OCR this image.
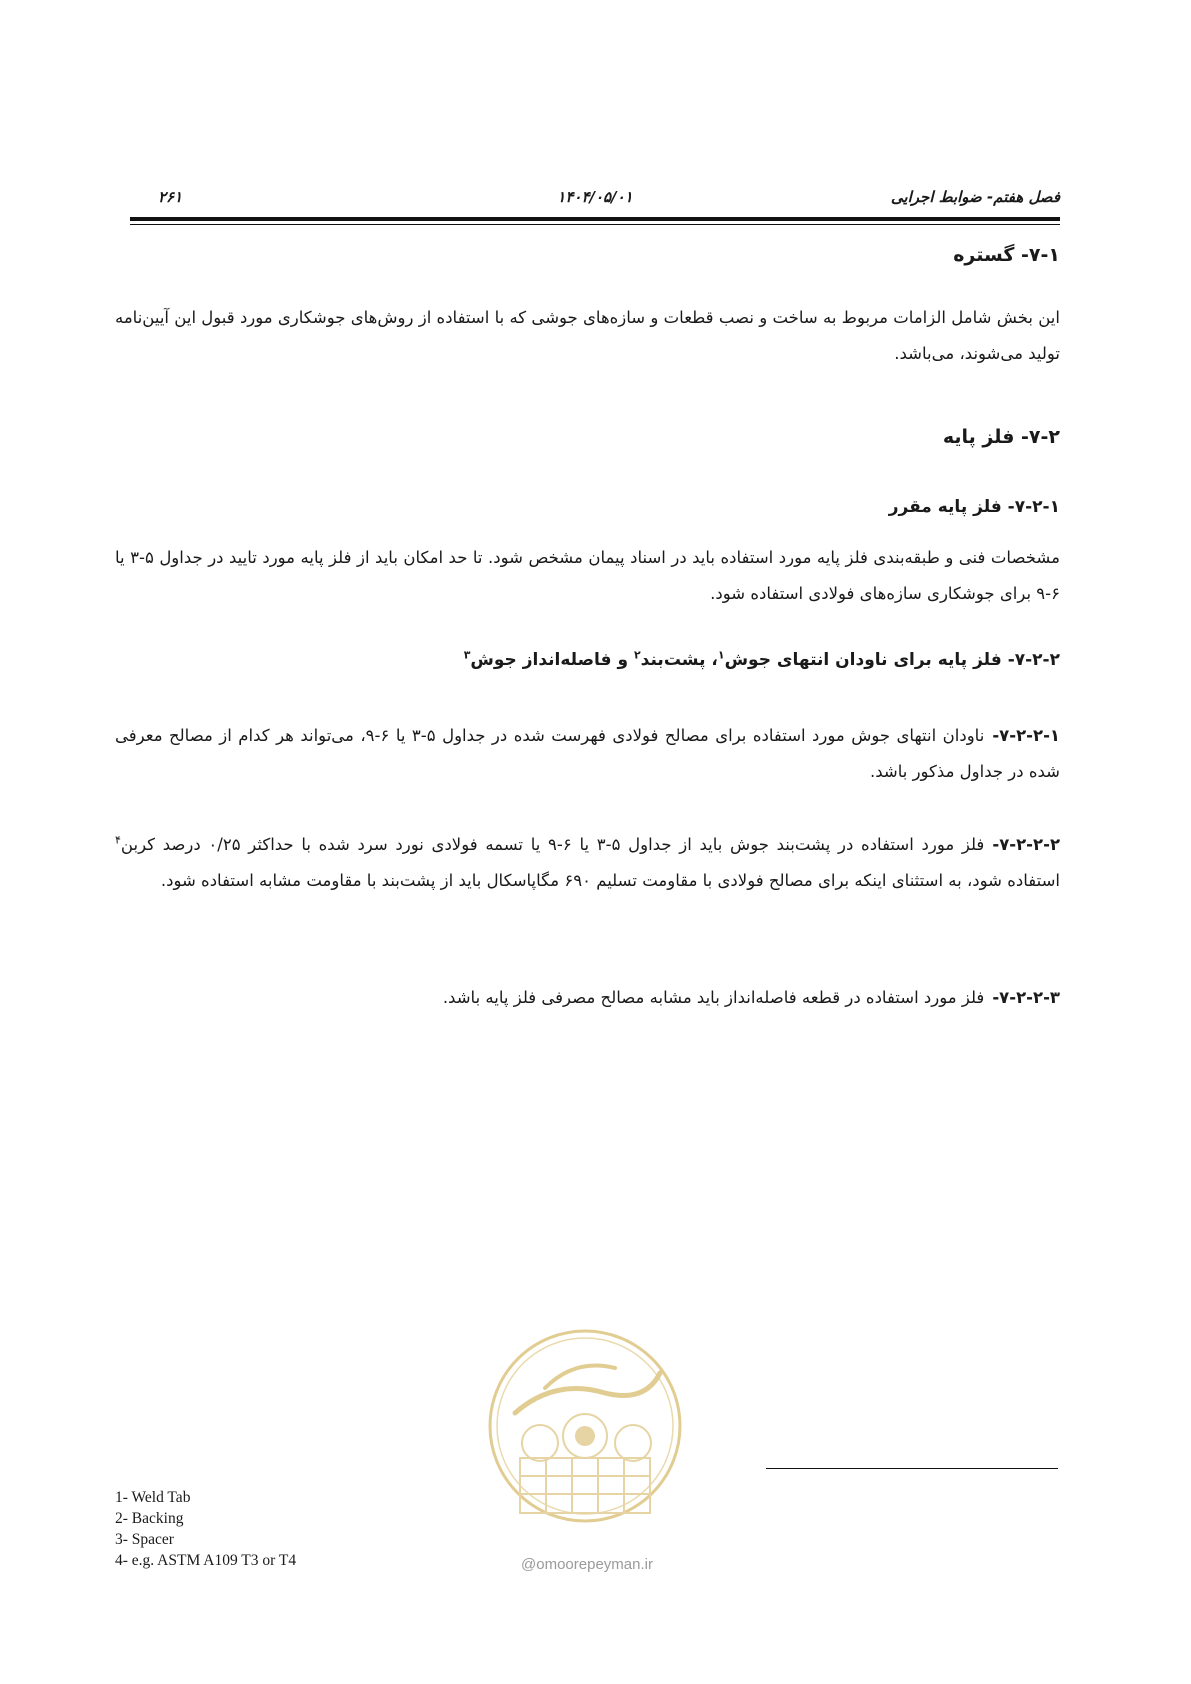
فصل هفتم- ضوابط اجرایی
۱۴۰۴/۰۵/۰۱
۲۶۱
۷-۱- گستره
این بخش شامل الزامات مربوط به ساخت و نصب قطعات و سازه‌های جوشی که با استفاده از روش‌های جوشکاری مورد قبول این آیین‌نامه تولید می‌شوند، می‌باشد.
۷-۲- فلز پایه
۷-۲-۱- فلز پایه مقرر
مشخصات فنی و طبقه‌بندی فلز پایه مورد استفاده باید در اسناد پیمان مشخص شود. تا حد امکان باید از فلز پایه مورد تایید در جداول ۵-۳ یا ۶-۹ برای جوشکاری سازه‌های فولادی استفاده شود.
۷-۲-۲- فلز پایه برای ناودان انتهای جوش$^۱$، پشت‌بند$^۲$ و فاصله‌انداز جوش$^۳$
۷-۲-۲-۱-ناودان انتهای جوش مورد استفاده برای مصالح فولادی فهرست شده در جداول ۵-۳ یا ۶-۹، می‌تواند هر کدام از مصالح معرفی شده در جداول مذکور باشد.
۷-۲-۲-۲-فلز مورد استفاده در پشت‌بند جوش باید از جداول ۵-۳ یا ۶-۹ یا تسمه فولادی نورد سرد شده با حداکثر ۰/۲۵ درصد کربن$^۴$ استفاده شود، به استثنای اینکه برای مصالح فولادی با مقاومت تسلیم ۶۹۰ مگاپاسکال باید از پشت‌بند با مقاومت مشابه استفاده شود.
۷-۲-۲-۳-فلز مورد استفاده در قطعه فاصله‌انداز باید مشابه مصالح مصرفی فلز پایه باشد.
@omoorepeyman.ir
1- Weld Tab
2- Backing
3- Spacer
4- e.g. ASTM A109 T3 or T4
